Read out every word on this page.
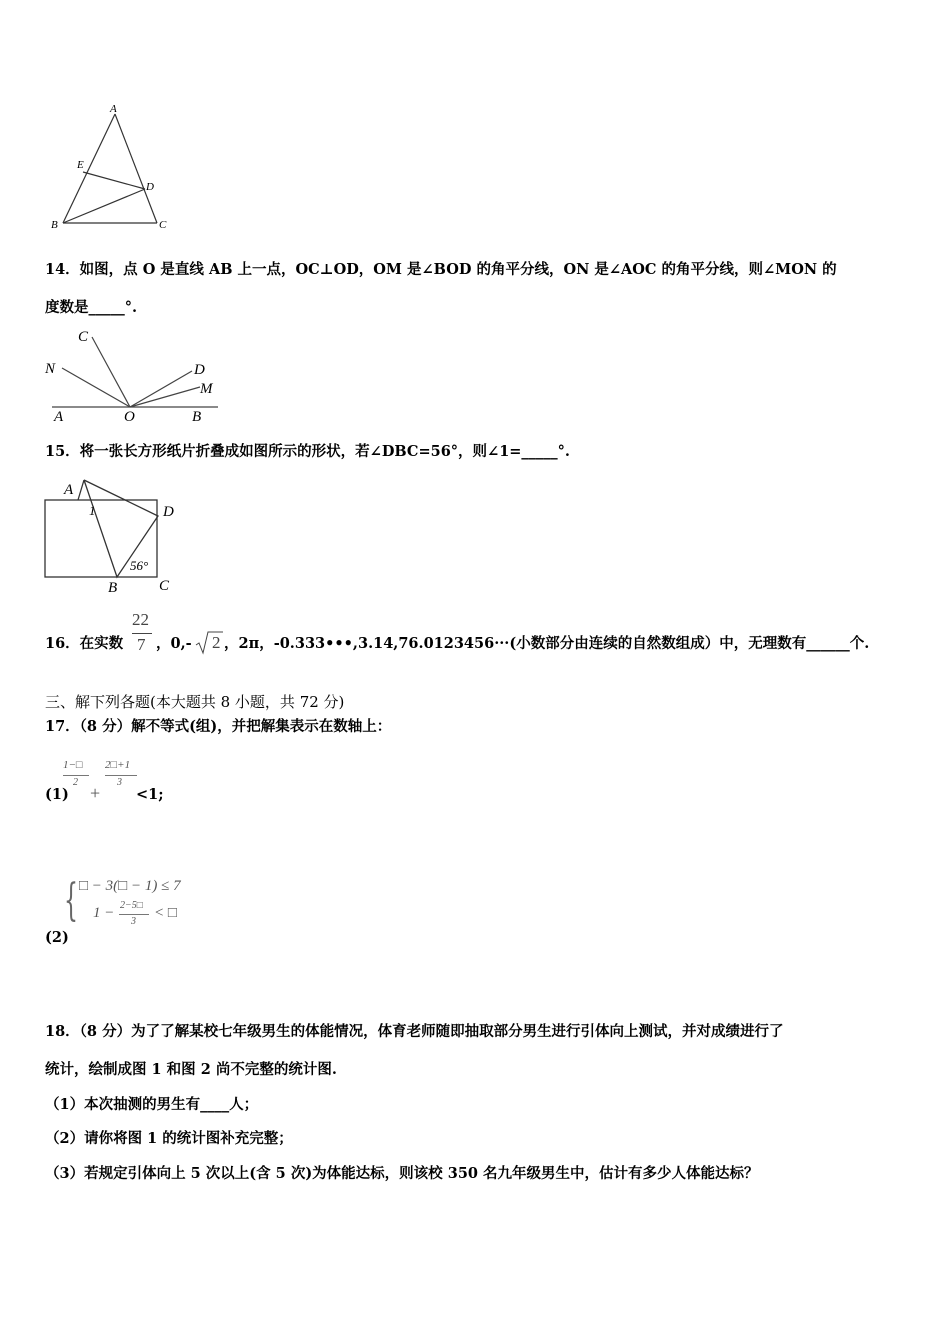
A
E
D
B	C
14．如图，点 O 是直线 AB 上一点，OC⊥OD，OM 是∠BOD 的角平分线，ON 是∠AOC 的角平分线，则∠MON 的
度数是_____°.
C
N	D
M
A	O	B
15．将一张长方形纸片折叠成如图所示的形状，若∠DBC=56°，则∠1=_____°.
A
1	D
56°
B	C
16．在实数
22
7 ，0,- 2 ，2π，-0.333•••,3.14,76.0123456···(小数部分由连续的自然数组成）中，无理数有______个.
三、解下列各题(本大题共 8 小题，共 72 分)
17．（8 分）解不等式(组)，并把解集表示在数轴上：
(1)
1−□
2
+
2□+1
3
<1;
{ □ − 3(□ − 1) ≤ 7
1 − 2−5□
3
< □
(2)
18．（8 分）为了了解某校七年级男生的体能情况，体育老师随即抽取部分男生进行引体向上测试，并对成绩进行了
统计，绘制成图 1 和图 2 尚不完整的统计图.
（1）本次抽测的男生有____人；
（2）请你将图 1 的统计图补充完整；
（3）若规定引体向上 5 次以上(含 5 次)为体能达标，则该校 350 名九年级男生中，估计有多少人体能达标？
